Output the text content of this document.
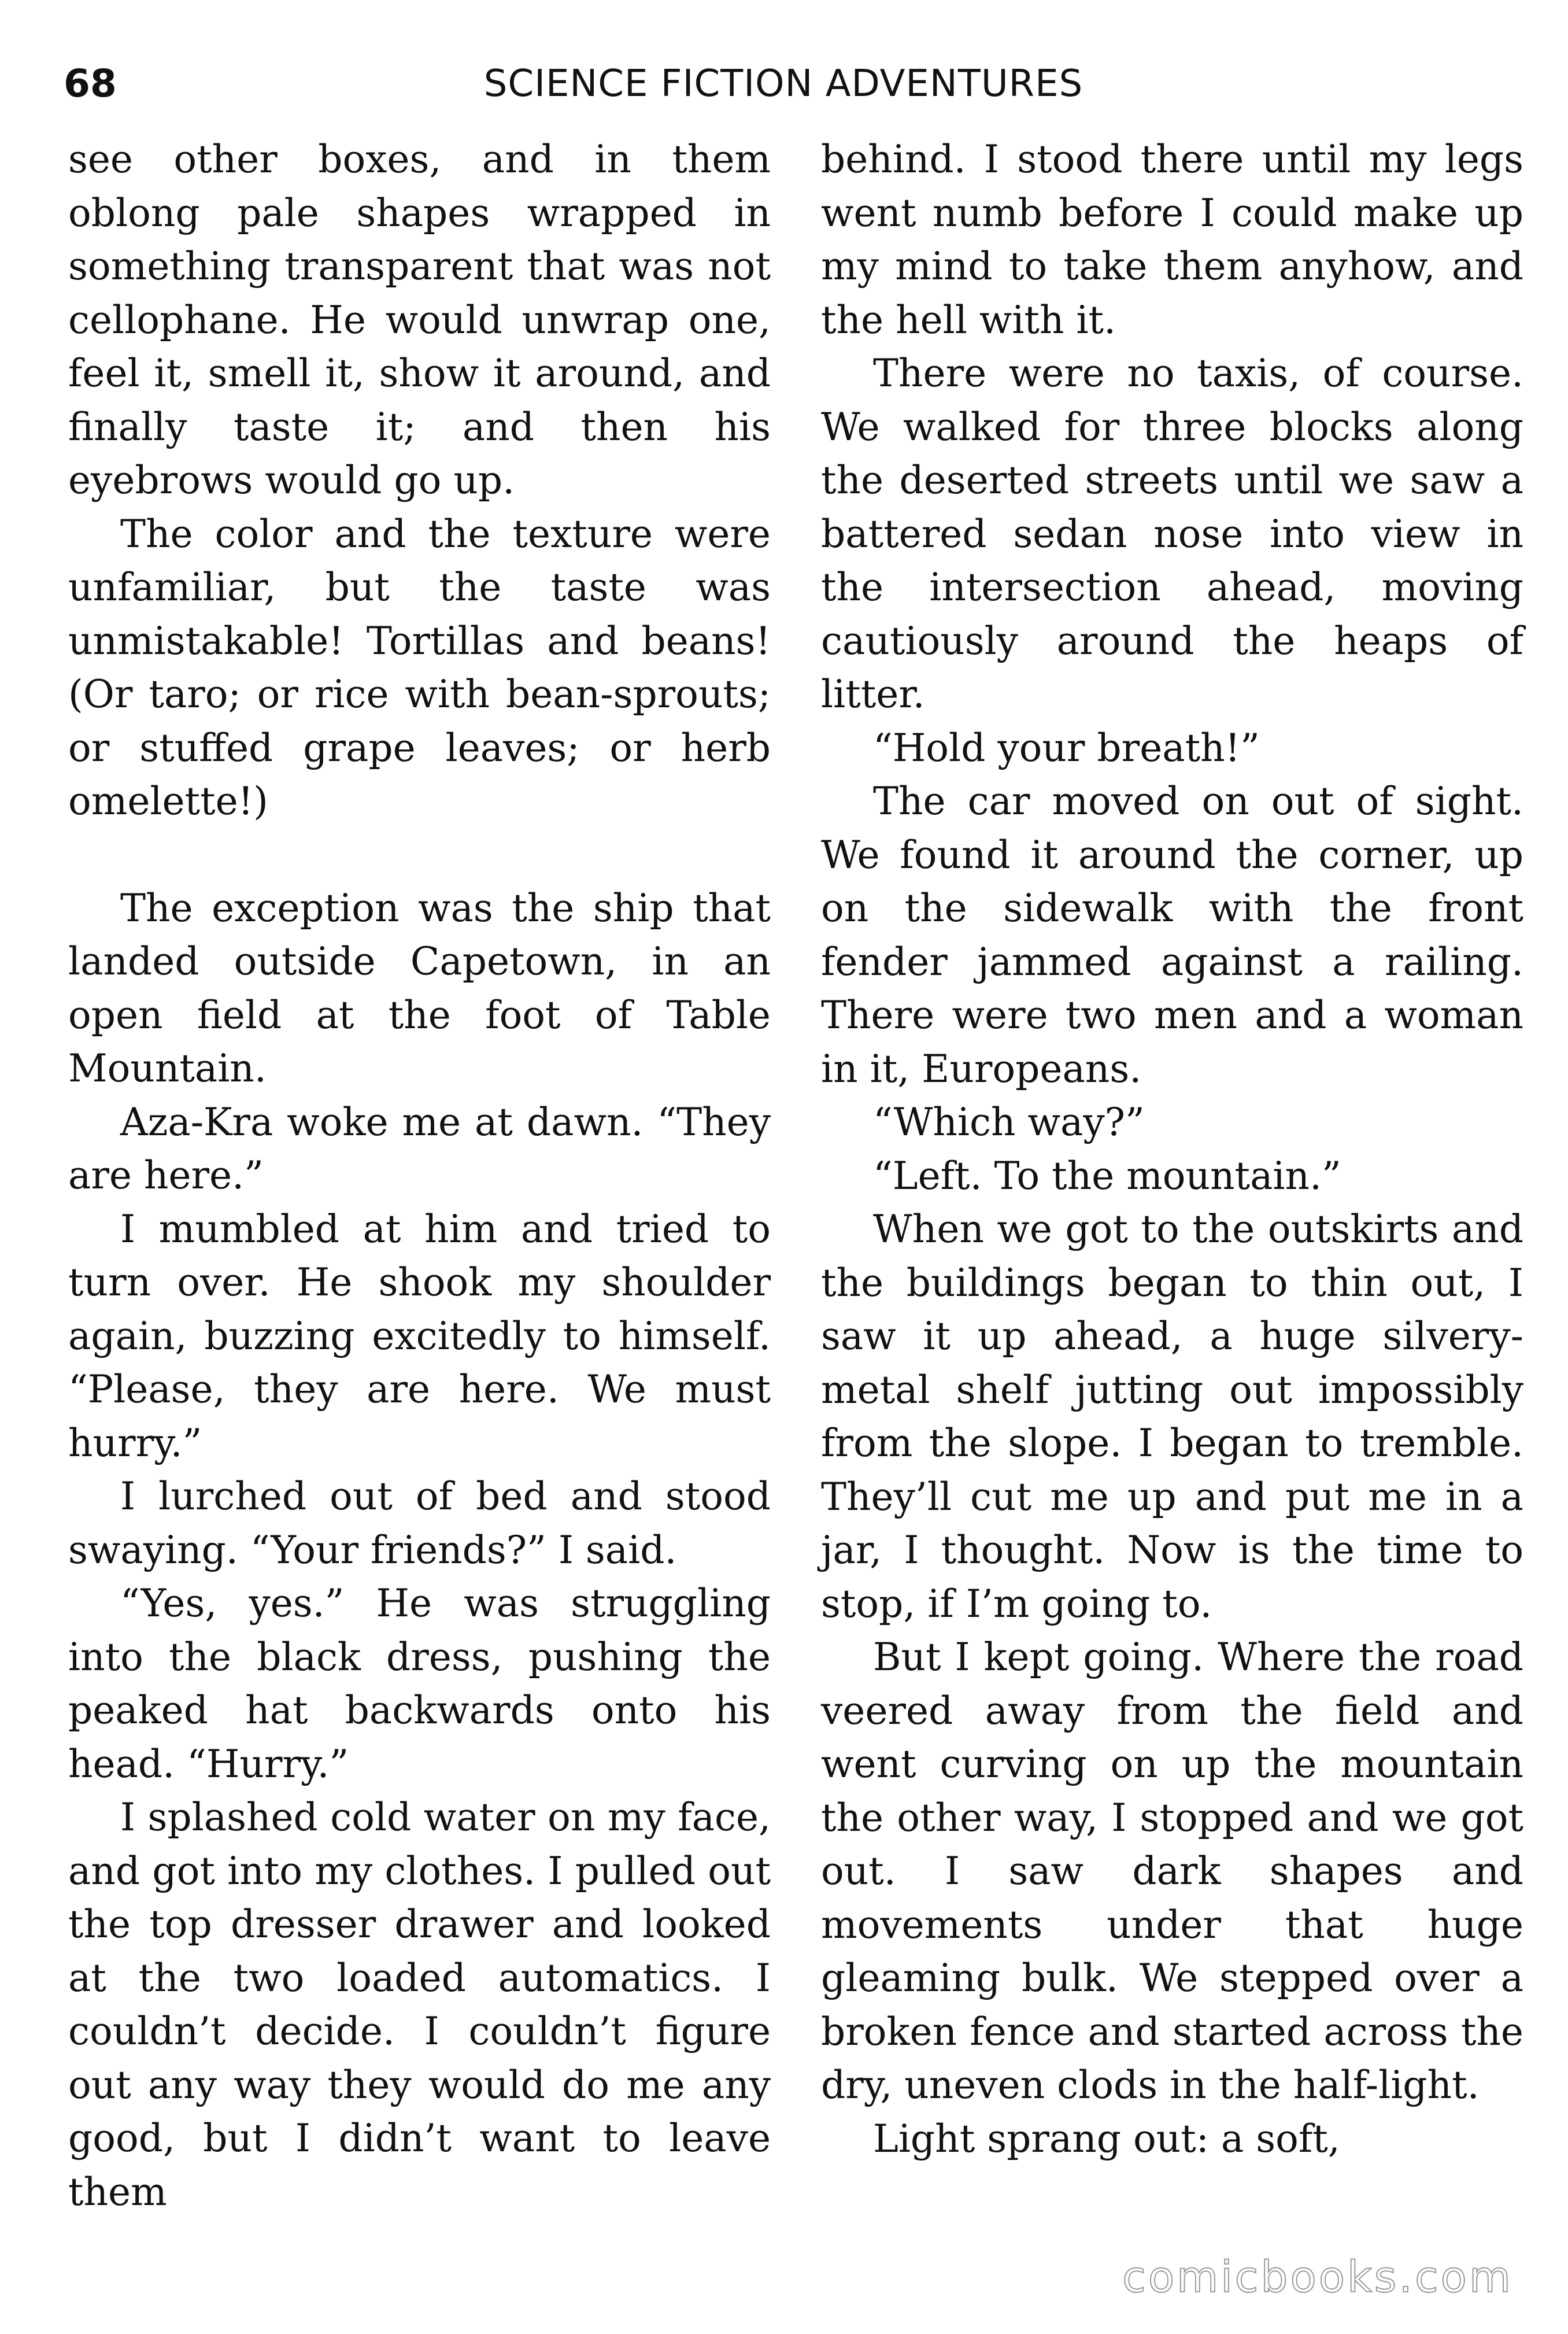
68	SCIENCE FICTION ADVENTURES

see other boxes, and in them oblong pale shapes wrapped in something transparent that was not cellophane. He would unwrap one, feel it, smell it, show it around, and finally taste it; and then his eyebrows would go up.

The color and the texture were unfamiliar, but the taste was unmistakable! Tortillas and beans! (Or taro; or rice with bean-sprouts; or stuffed grape leaves; or herb omelette!)

The exception was the ship that landed outside Capetown, in an open field at the foot of Table Mountain.

Aza-Kra woke me at dawn. “They are here.”

I mumbled at him and tried to turn over. He shook my shoulder again, buzzing excitedly to himself. “Please, they are here. We must hurry.”

I lurched out of bed and stood swaying. “Your friends?” I said.

“Yes, yes.” He was struggling into the black dress, pushing the peaked hat backwards onto his head. “Hurry.”

I splashed cold water on my face, and got into my clothes. I pulled out the top dresser drawer and looked at the two loaded automatics. I couldn’t decide. I couldn’t figure out any way they would do me any good, but I didn’t want to leave them

behind. I stood there until my legs went numb before I could make up my mind to take them anyhow, and the hell with it.

There were no taxis, of course. We walked for three blocks along the deserted streets until we saw a battered sedan nose into view in the intersection ahead, moving cautiously around the heaps of litter.

“Hold your breath!”

The car moved on out of sight. We found it around the corner, up on the sidewalk with the front fender jammed against a railing. There were two men and a woman in it, Europeans.

“Which way?”

“Left. To the mountain.”

When we got to the outskirts and the buildings began to thin out, I saw it up ahead, a huge silvery-metal shelf jutting out impossibly from the slope. I began to tremble. They’ll cut me up and put me in a jar, I thought. Now is the time to stop, if I’m going to.

But I kept going. Where the road veered away from the field and went curving on up the mountain the other way, I stopped and we got out. I saw dark shapes and movements under that huge gleaming bulk. We stepped over a broken fence and started across the dry, uneven clods in the half-light.

Light sprang out: a soft,

comicbooks.com
